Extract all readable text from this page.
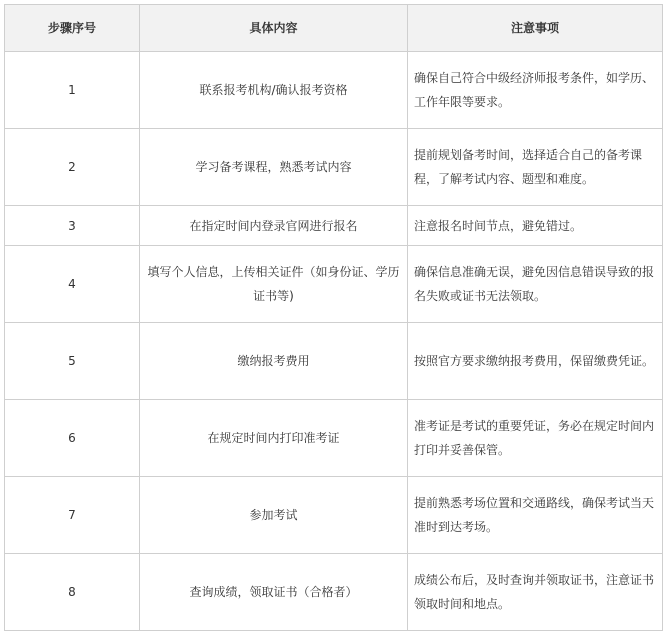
步骤序号	具体内容	注意事项
1	联系报考机构/确认报考资格	确保自己符合中级经济师报考条件，如学历、工作年限等要求。
2	学习备考课程，熟悉考试内容	提前规划备考时间，选择适合自己的备考课程，了解考试内容、题型和难度。
3	在指定时间内登录官网进行报名	注意报名时间节点，避免错过。
4	填写个人信息，上传相关证件（如身份证、学历证书等)	确保信息准确无误，避免因信息错误导致的报名失败或证书无法领取。
5	缴纳报考费用	按照官方要求缴纳报考费用，保留缴费凭证。
6	在规定时间内打印准考证	准考证是考试的重要凭证，务必在规定时间内打印并妥善保管。
7	参加考试	提前熟悉考场位置和交通路线，确保考试当天准时到达考场。
8	查询成绩，领取证书（合格者）	成绩公布后，及时查询并领取证书，注意证书领取时间和地点。
